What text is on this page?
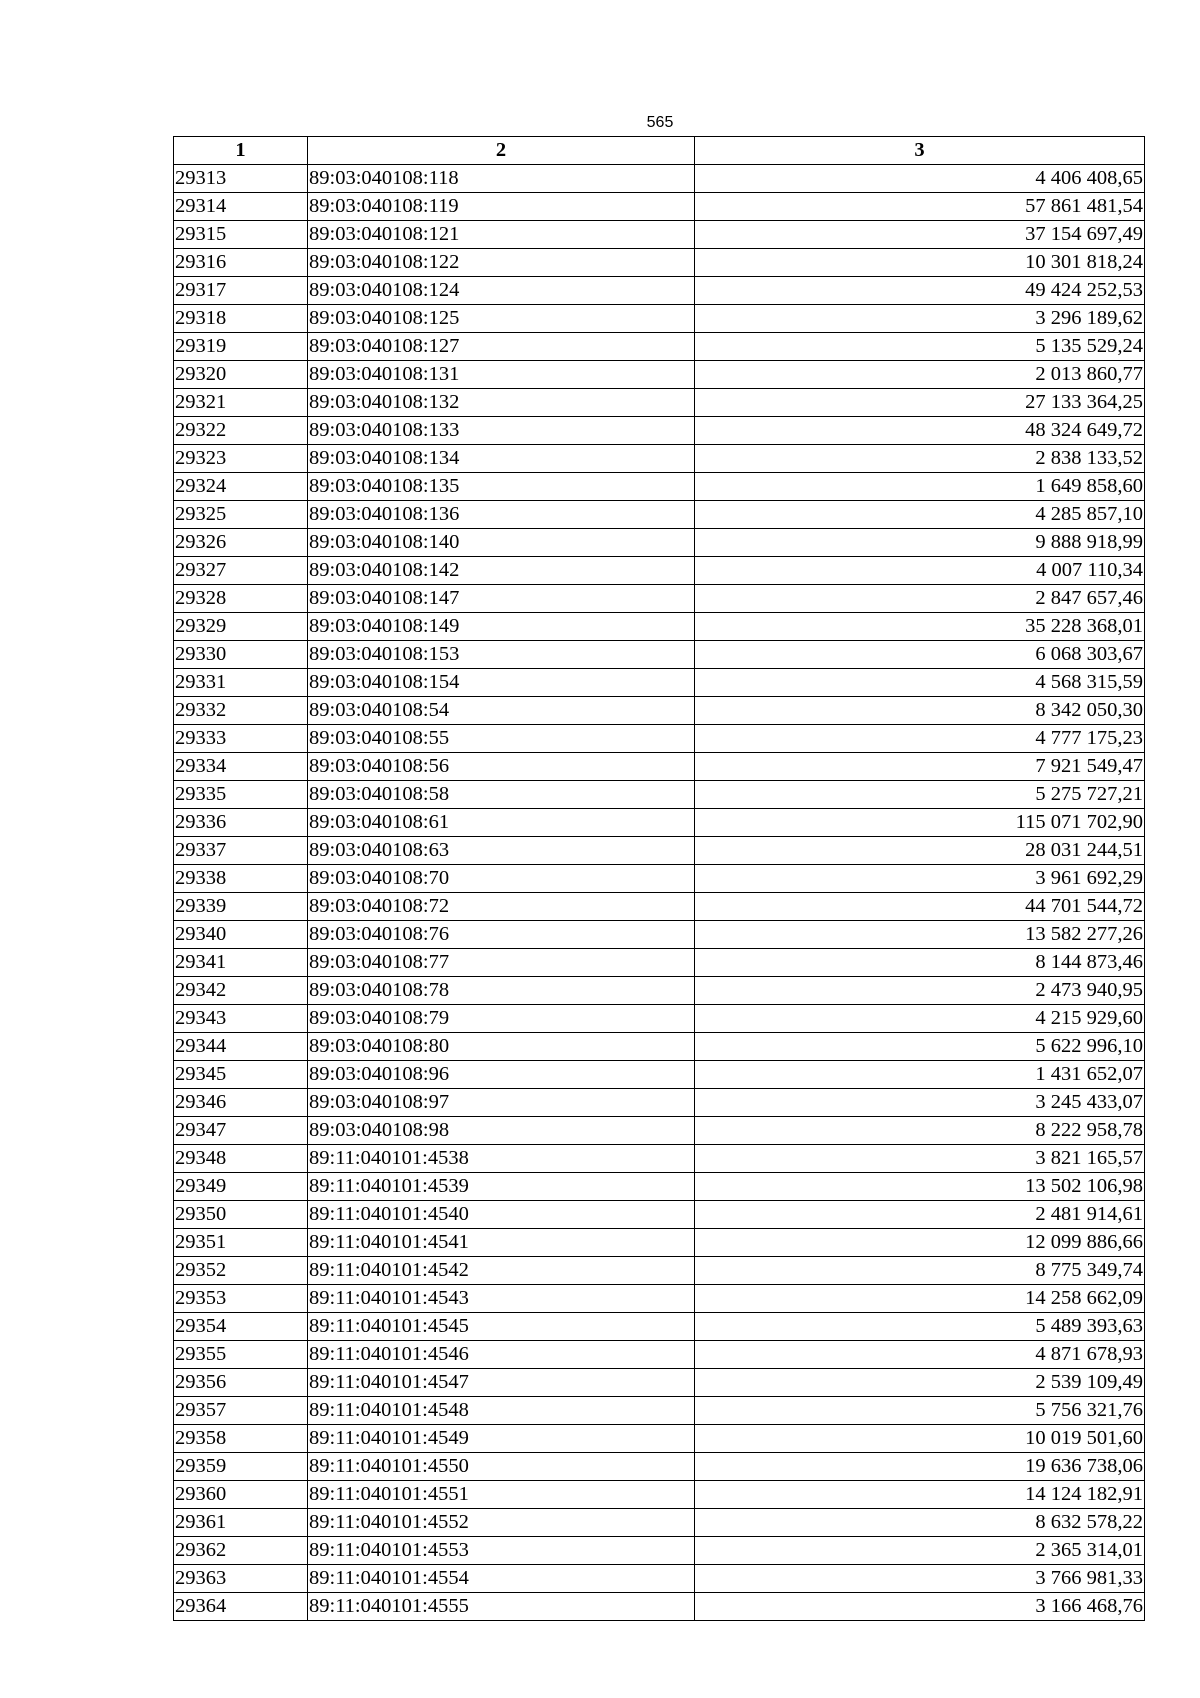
565
1	2	3
29313	89:03:040108:118	4 406 408,65
29314	89:03:040108:119	57 861 481,54
29315	89:03:040108:121	37 154 697,49
29316	89:03:040108:122	10 301 818,24
29317	89:03:040108:124	49 424 252,53
29318	89:03:040108:125	3 296 189,62
29319	89:03:040108:127	5 135 529,24
29320	89:03:040108:131	2 013 860,77
29321	89:03:040108:132	27 133 364,25
29322	89:03:040108:133	48 324 649,72
29323	89:03:040108:134	2 838 133,52
29324	89:03:040108:135	1 649 858,60
29325	89:03:040108:136	4 285 857,10
29326	89:03:040108:140	9 888 918,99
29327	89:03:040108:142	4 007 110,34
29328	89:03:040108:147	2 847 657,46
29329	89:03:040108:149	35 228 368,01
29330	89:03:040108:153	6 068 303,67
29331	89:03:040108:154	4 568 315,59
29332	89:03:040108:54	8 342 050,30
29333	89:03:040108:55	4 777 175,23
29334	89:03:040108:56	7 921 549,47
29335	89:03:040108:58	5 275 727,21
29336	89:03:040108:61	115 071 702,90
29337	89:03:040108:63	28 031 244,51
29338	89:03:040108:70	3 961 692,29
29339	89:03:040108:72	44 701 544,72
29340	89:03:040108:76	13 582 277,26
29341	89:03:040108:77	8 144 873,46
29342	89:03:040108:78	2 473 940,95
29343	89:03:040108:79	4 215 929,60
29344	89:03:040108:80	5 622 996,10
29345	89:03:040108:96	1 431 652,07
29346	89:03:040108:97	3 245 433,07
29347	89:03:040108:98	8 222 958,78
29348	89:11:040101:4538	3 821 165,57
29349	89:11:040101:4539	13 502 106,98
29350	89:11:040101:4540	2 481 914,61
29351	89:11:040101:4541	12 099 886,66
29352	89:11:040101:4542	8 775 349,74
29353	89:11:040101:4543	14 258 662,09
29354	89:11:040101:4545	5 489 393,63
29355	89:11:040101:4546	4 871 678,93
29356	89:11:040101:4547	2 539 109,49
29357	89:11:040101:4548	5 756 321,76
29358	89:11:040101:4549	10 019 501,60
29359	89:11:040101:4550	19 636 738,06
29360	89:11:040101:4551	14 124 182,91
29361	89:11:040101:4552	8 632 578,22
29362	89:11:040101:4553	2 365 314,01
29363	89:11:040101:4554	3 766 981,33
29364	89:11:040101:4555	3 166 468,76
